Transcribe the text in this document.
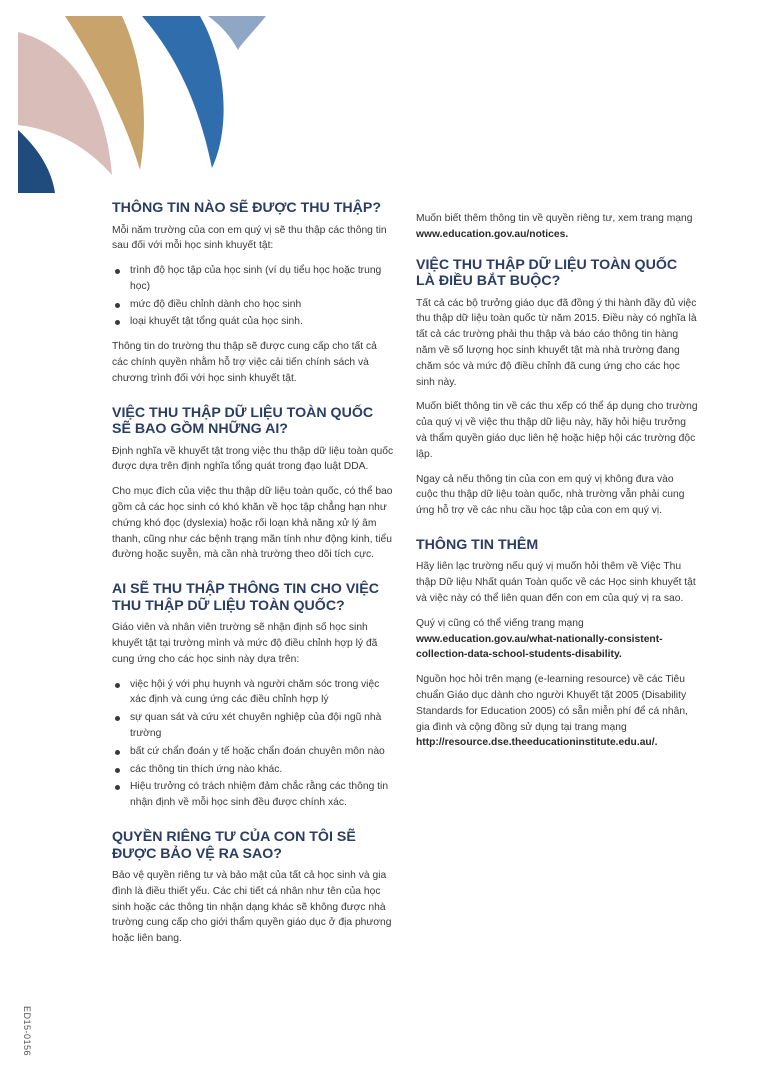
THÔNG TIN NÀO SẼ ĐƯỢC THU THẬP?

Mỗi năm trường của con em quý vị sẽ thu thập các thông tin sau đối với mỗi học sinh khuyết tật:

trình độ học tập của học sinh (ví dụ tiểu học hoặc trung học)
mức độ điều chỉnh dành cho học sinh
loại khuyết tật tổng quát của học sinh.

Thông tin do trường thu thập sẽ được cung cấp cho tất cả các chính quyền nhằm hỗ trợ việc cải tiến chính sách và chương trình đối với học sinh khuyết tật.

VIỆC THU THẬP DỮ LIỆU TOÀN QUỐC SẼ BAO GỒM NHỮNG AI?

Định nghĩa về khuyết tật trong việc thu thập dữ liệu toàn quốc được dựa trên định nghĩa tổng quát trong đạo luật DDA.

Cho mục đích của việc thu thập dữ liệu toàn quốc, có thể bao gồm cả các học sinh có khó khăn về học tập chẳng hạn như chứng khó đọc (dyslexia) hoặc rối loạn khả năng xử lý âm thanh, cũng như các bệnh trạng mãn tính như động kinh, tiểu đường hoặc suyễn, mà cần nhà trường theo dõi tích cực.

AI SẼ THU THẬP THÔNG TIN CHO VIỆC THU THẬP DỮ LIỆU TOÀN QUỐC?

Giáo viên và nhân viên trường sẽ nhận định số học sinh khuyết tật tại trường mình và mức độ điều chỉnh hợp lý đã cung ứng cho các học sinh này dựa trên:

việc hội ý với phụ huynh và người chăm sóc trong việc xác định và cung ứng các điều chỉnh hợp lý
sự quan sát và cứu xét chuyên nghiệp của đội ngũ nhà trường
bất cứ chẩn đoán y tế hoặc chẩn đoán chuyên môn nào
các thông tin thích ứng nào khác.
Hiệu trưởng có trách nhiệm đảm chắc rằng các thông tin nhận định về mỗi học sinh đều được chính xác.
QUYỀN RIÊNG TƯ CỦA CON TÔI SẼ ĐƯỢC BẢO VỆ RA SAO?

Bảo vệ quyền riêng tư và bảo mật của tất cả học sinh và gia đình là điều thiết yếu. Các chi tiết cá nhân như tên của học sinh hoặc các thông tin nhận dạng khác sẽ không được nhà trường cung cấp cho giới thẩm quyền giáo dục ở địa phương hoặc liên bang.

Muốn biết thêm thông tin về quyền riêng tư, xem trang mạng www.education.gov.au/notices.

VIỆC THU THẬP DỮ LIỆU TOÀN QUỐC LÀ ĐIỀU BẮT BUỘC?

Tất cả các bộ trưởng giáo dục đã đồng ý thi hành đầy đủ việc thu thập dữ liệu toàn quốc từ năm 2015. Điều này có nghĩa là tất cả các trường phải thu thập và báo cáo thông tin hàng năm về số lượng học sinh khuyết tật mà nhà trường đang chăm sóc và mức độ điều chỉnh đã cung ứng cho các học sinh này.

Muốn biết thông tin về các thu xếp có thể áp dụng cho trường của quý vị về việc thu thập dữ liệu này, hãy hỏi hiệu trưởng và thẩm quyền giáo dục liên hệ hoặc hiệp hội các trường độc lập.

Ngay cả nếu thông tin của con em quý vị không đưa vào cuộc thu thập dữ liệu toàn quốc, nhà trường vẫn phải cung ứng hỗ trợ về các nhu cầu học tập của con em quý vị.

THÔNG TIN THÊM

Hãy liên lạc trường nếu quý vị muốn hỏi thêm về Việc Thu thập Dữ liệu Nhất quán Toàn quốc về các Học sinh khuyết tật và việc này có thể liên quan đến con em của quý vị ra sao.

Quý vị cũng có thể viếng trang mạng
www.education.gov.au/what-nationally-consistent-collection-data-school-students-disability.

Nguồn học hỏi trên mạng (e-learning resource) về các Tiêu chuẩn Giáo dục dành cho người Khuyết tật 2005 (Disability Standards for Education 2005) có sẵn miễn phí để cá nhân, gia đình và cộng đồng sử dụng tại trang mạng
http://resource.dse.theeducationinstitute.edu.au/.

ED15-0156
